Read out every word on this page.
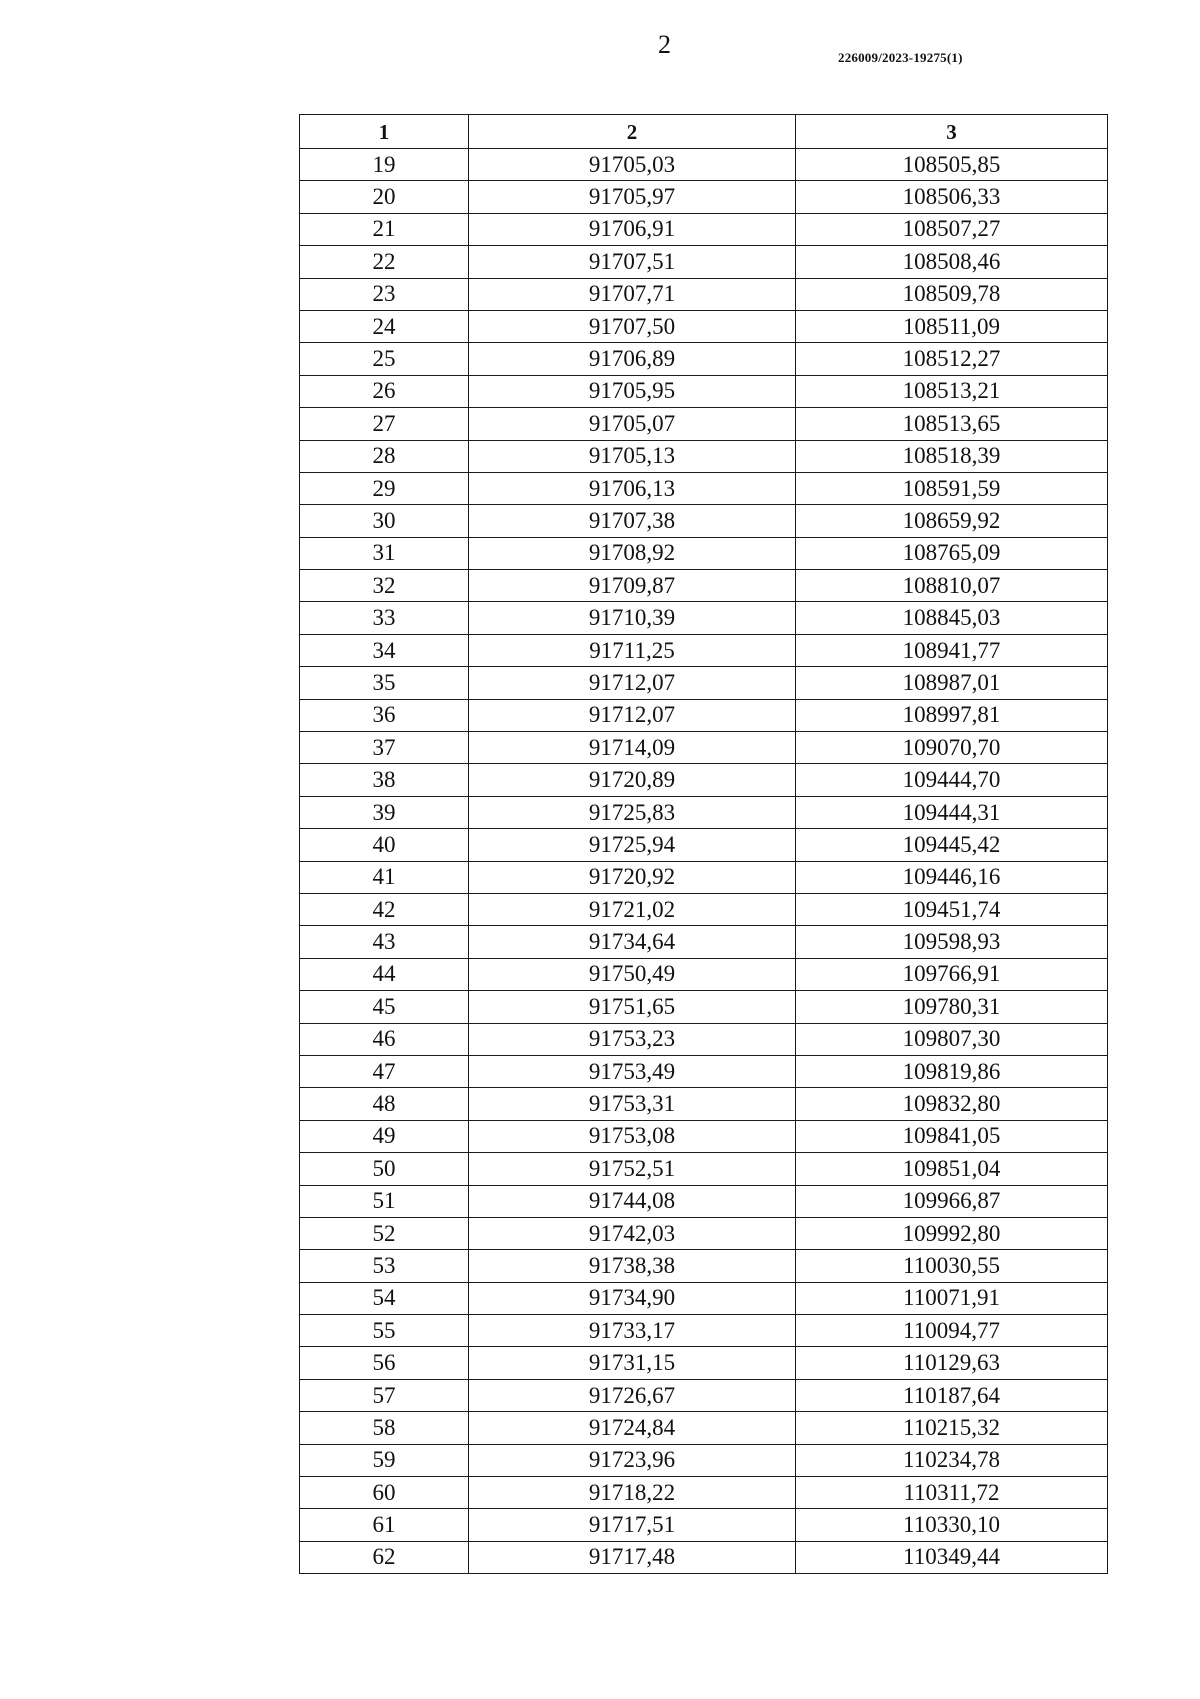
2	226009/2023-19275(1)
1	2	3
19	91705,03	108505,85
20	91705,97	108506,33
21	91706,91	108507,27
22	91707,51	108508,46
23	91707,71	108509,78
24	91707,50	108511,09
25	91706,89	108512,27
26	91705,95	108513,21
27	91705,07	108513,65
28	91705,13	108518,39
29	91706,13	108591,59
30	91707,38	108659,92
31	91708,92	108765,09
32	91709,87	108810,07
33	91710,39	108845,03
34	91711,25	108941,77
35	91712,07	108987,01
36	91712,07	108997,81
37	91714,09	109070,70
38	91720,89	109444,70
39	91725,83	109444,31
40	91725,94	109445,42
41	91720,92	109446,16
42	91721,02	109451,74
43	91734,64	109598,93
44	91750,49	109766,91
45	91751,65	109780,31
46	91753,23	109807,30
47	91753,49	109819,86
48	91753,31	109832,80
49	91753,08	109841,05
50	91752,51	109851,04
51	91744,08	109966,87
52	91742,03	109992,80
53	91738,38	110030,55
54	91734,90	110071,91
55	91733,17	110094,77
56	91731,15	110129,63
57	91726,67	110187,64
58	91724,84	110215,32
59	91723,96	110234,78
60	91718,22	110311,72
61	91717,51	110330,10
62	91717,48	110349,44
